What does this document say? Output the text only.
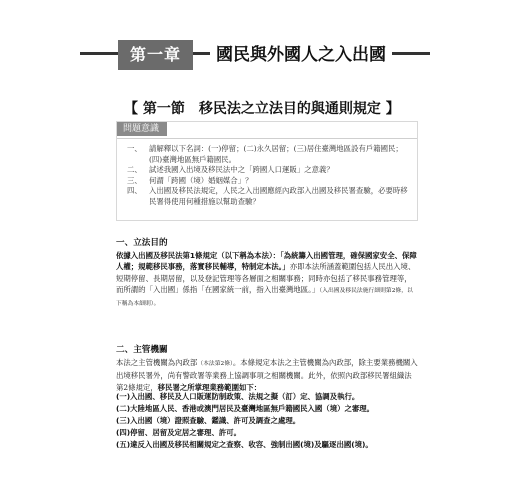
第一章	國民與外國人之入出國
【 第一節　移民法之立法目的與通則規定 】
問題意識
一、 請解釋以下名詞：(一)停留；(二)永久居留；(三)居住臺灣地區設有戶籍國民；(四)臺灣地區無戶籍國民。
二、 試述我國入出境及移民法中之「跨國人口運販」之意義？
三、 何謂「跨國（境）婚姻媒合」？
四、 入出國及移民法規定，人民之入出國應經內政部入出國及移民署查驗，必要時移民署得使用何種措施以幫助查驗？
一、立法目的
依據入出國及移民法第1條規定（以下稱為本法）：「為統籌入出國管理，確保國家安全、保障人權；規範移民事務，落實移民輔導，特制定本法。」亦即本法所涵蓋範圍包括人民出入境、短期停留、長期居留，以及登記管理等各層面之相關事務；同時亦包括了移民事務管理等，而所謂的「入出國」係指「在國家統一前，指入出臺灣地區。」（入出國及移民法施行細則第2條，以下稱為本細則）。
二、主管機關
本法之主管機關為內政部（本法第2條）。本條規定本法之主管機關為內政部，除主要業務機關入出境移民署外，尚有警政署等業務上協調事項之相關機關。此外，依照內政部移民署組織法第2條規定，移民署之所掌理業務範圍如下：
(一)入出國、移民及人口販運防制政策、法規之擬（訂）定、協調及執行。
(二)大陸地區人民、香港或澳門居民及臺灣地區無戶籍國民入國（境）之審理。
(三)入出國（境）證照查驗、鑑識、許可及調查之處理。
(四)停留、居留及定居之審理、許可。
(五)違反入出國及移民相關規定之查察、收容、強制出國(境)及驅逐出國(境)。
